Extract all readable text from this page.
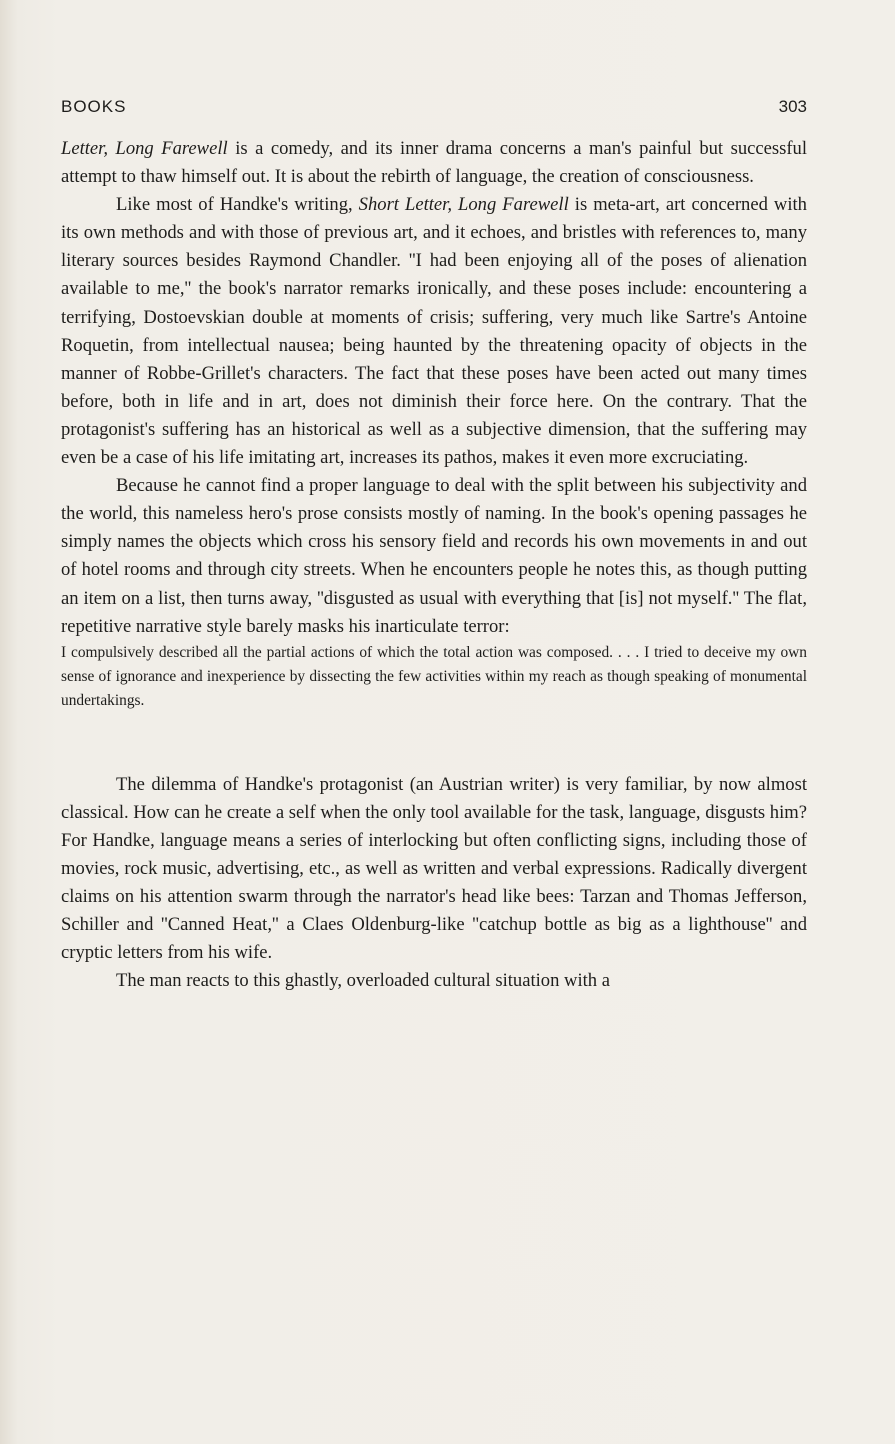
BOOKS	303

Letter, Long Farewell is a comedy, and its inner drama concerns a man's painful but successful attempt to thaw himself out. It is about the rebirth of language, the creation of consciousness.

Like most of Handke's writing, Short Letter, Long Farewell is meta-art, art concerned with its own methods and with those of previous art, and it echoes, and bristles with references to, many literary sources besides Raymond Chandler. ''I had been enjoying all of the poses of alienation available to me,'' the book's narrator remarks ironically, and these poses include: encountering a terrifying, Dostoevskian double at moments of crisis; suffering, very much like Sartre's Antoine Roquetin, from intellectual nausea; being haunted by the threatening opacity of objects in the manner of Robbe-Grillet's characters. The fact that these poses have been acted out many times before, both in life and in art, does not diminish their force here. On the contrary. That the protagonist's suffering has an historical as well as a subjective dimension, that the suffering may even be a case of his life imitating art, increases its pathos, makes it even more excruciating.

Because he cannot find a proper language to deal with the split between his subjectivity and the world, this nameless hero's prose consists mostly of naming. In the book's opening passages he simply names the objects which cross his sensory field and records his own movements in and out of hotel rooms and through city streets. When he encounters people he notes this, as though putting an item on a list, then turns away, ''disgusted as usual with everything that [is] not myself.'' The flat, repetitive narrative style barely masks his inarticulate terror:

I compulsively described all the partial actions of which the total action was composed. . . . I tried to deceive my own sense of ignorance and inexperience by dissecting the few activities within my reach as though speaking of monumental undertakings.

The dilemma of Handke's protagonist (an Austrian writer) is very familiar, by now almost classical. How can he create a self when the only tool available for the task, language, disgusts him? For Handke, language means a series of interlocking but often conflicting signs, including those of movies, rock music, advertising, etc., as well as written and verbal expressions. Radically divergent claims on his attention swarm through the narrator's head like bees: Tarzan and Thomas Jefferson, Schiller and ''Canned Heat,'' a Claes Oldenburg-like ''catchup bottle as big as a lighthouse'' and cryptic letters from his wife.

The man reacts to this ghastly, overloaded cultural situation with a
